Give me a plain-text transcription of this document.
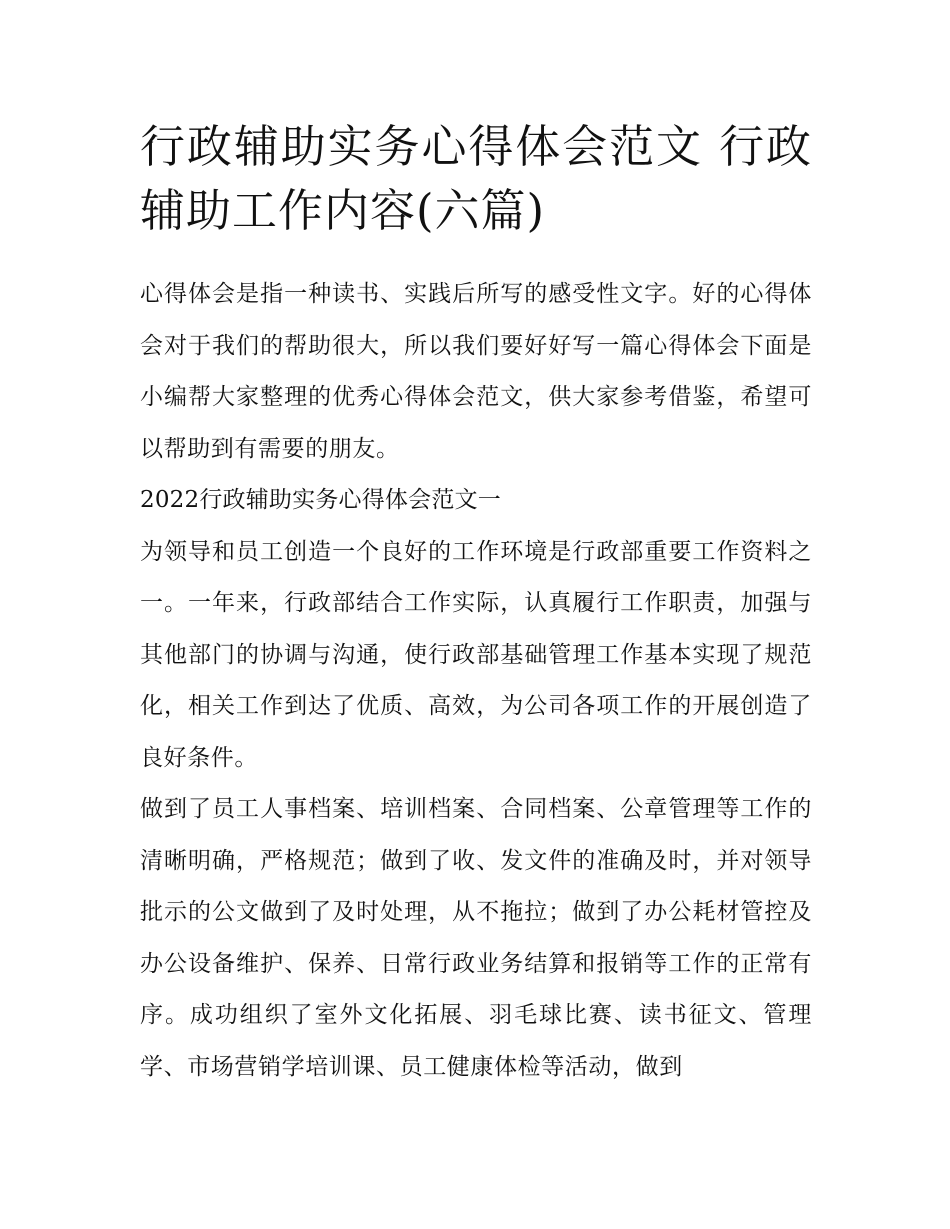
行政辅助实务心得体会范文 行政辅助工作内容(六篇)

心得体会是指一种读书、实践后所写的感受性文字。好的心得体会对于我们的帮助很大，所以我们要好好写一篇心得体会下面是小编帮大家整理的优秀心得体会范文，供大家参考借鉴，希望可以帮助到有需要的朋友。

2022行政辅助实务心得体会范文一

为领导和员工创造一个良好的工作环境是行政部重要工作资料之一。一年来，行政部结合工作实际，认真履行工作职责，加强与其他部门的协调与沟通，使行政部基础管理工作基本实现了规范化，相关工作到达了优质、高效，为公司各项工作的开展创造了良好条件。

做到了员工人事档案、培训档案、合同档案、公章管理等工作的清晰明确，严格规范；做到了收、发文件的准确及时，并对领导批示的公文做到了及时处理，从不拖拉；做到了办公耗材管控及办公设备维护、保养、日常行政业务结算和报销等工作的正常有序。成功组织了室外文化拓展、羽毛球比赛、读书征文、管理学、市场营销学培训课、员工健康体检等活动，做到
